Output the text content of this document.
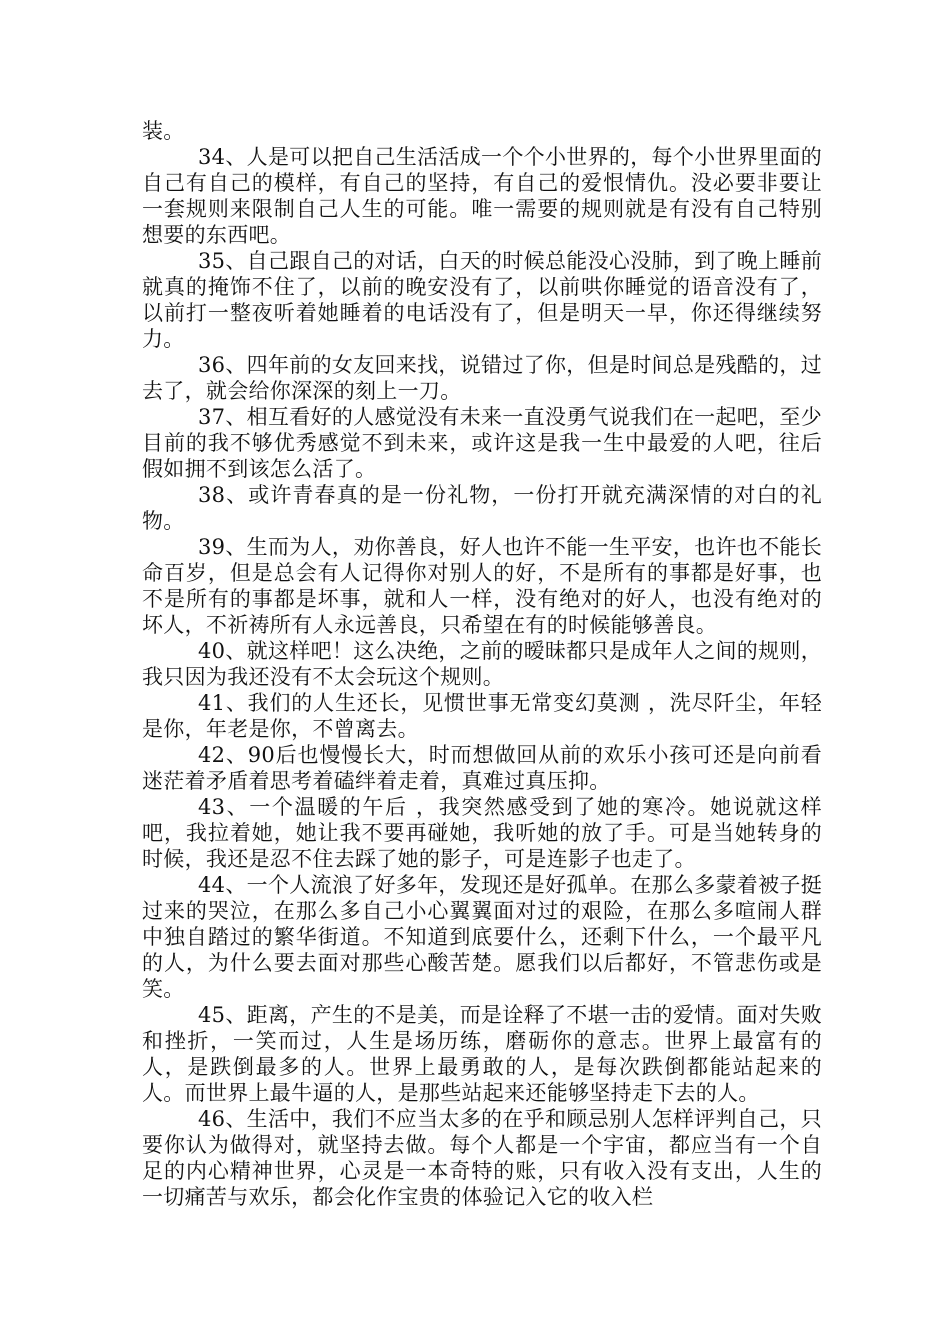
装。

34、人是可以把自己生活活成一个个小世界的，每个小世界里面的自己有自己的模样，有自己的坚持，有自己的爱恨情仇。没必要非要让一套规则来限制自己人生的可能。唯一需要的规则就是有没有自己特别想要的东西吧。

35、自己跟自己的对话，白天的时候总能没心没肺，到了晚上睡前就真的掩饰不住了，以前的晚安没有了，以前哄你睡觉的语音没有了，以前打一整夜听着她睡着的电话没有了，但是明天一早，你还得继续努力。

36、四年前的女友回来找，说错过了你，但是时间总是残酷的，过去了，就会给你深深的刻上一刀。

37、相互看好的人感觉没有未来一直没勇气说我们在一起吧，至少目前的我不够优秀感觉不到未来，或许这是我一生中最爱的人吧，往后假如拥不到该怎么活了。

38、或许青春真的是一份礼物，一份打开就充满深情的对白的礼物。

39、生而为人，劝你善良，好人也许不能一生平安，也许也不能长命百岁，但是总会有人记得你对别人的好，不是所有的事都是好事，也不是所有的事都是坏事，就和人一样，没有绝对的好人，也没有绝对的坏人，不祈祷所有人永远善良，只希望在有的时候能够善良。

40、就这样吧！这么决绝，之前的暧昧都只是成年人之间的规则，我只因为我还没有不太会玩这个规则。

41、我们的人生还长，见惯世事无常变幻莫测 ，洗尽阡尘，年轻是你，年老是你，不曾离去。

42、90后也慢慢长大，时而想做回从前的欢乐小孩可还是向前看迷茫着矛盾着思考着磕绊着走着，真难过真压抑。

43、一个温暖的午后 ，我突然感受到了她的寒冷。她说就这样吧，我拉着她，她让我不要再碰她，我听她的放了手。可是当她转身的时候，我还是忍不住去踩了她的影子，可是连影子也走了。

44、一个人流浪了好多年，发现还是好孤单。在那么多蒙着被子挺过来的哭泣，在那么多自己小心翼翼面对过的艰险，在那么多喧闹人群中独自踏过的繁华街道。不知道到底要什么，还剩下什么，一个最平凡的人，为什么要去面对那些心酸苦楚。愿我们以后都好，不管悲伤或是笑。

45、距离，产生的不是美，而是诠释了不堪一击的爱情。面对失败和挫折，一笑而过，人生是场历练，磨砺你的意志。世界上最富有的人，是跌倒最多的人。世界上最勇敢的人，是每次跌倒都能站起来的人。而世界上最牛逼的人，是那些站起来还能够坚持走下去的人。

46、生活中，我们不应当太多的在乎和顾忌别人怎样评判自己，只要你认为做得对，就坚持去做。每个人都是一个宇宙，都应当有一个自足的内心精神世界，心灵是一本奇特的账，只有收入没有支出，人生的一切痛苦与欢乐，都会化作宝贵的体验记入它的收入栏
